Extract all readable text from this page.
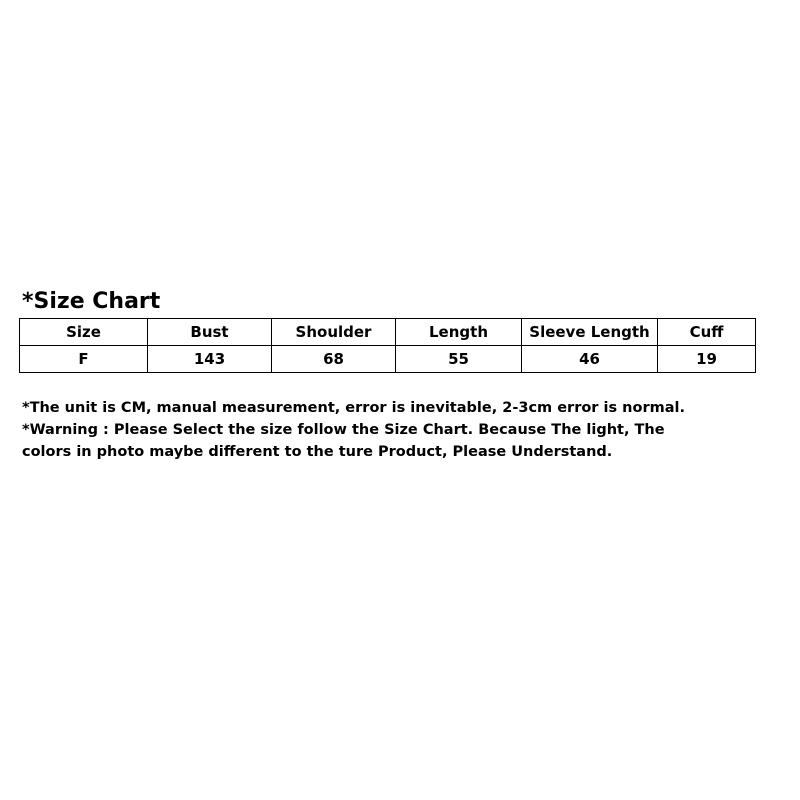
*Size Chart
Size	Bust	Shoulder	Length	Sleeve Length	Cuff
F	143	68	55	46	19
*The unit is CM, manual measurement, error is inevitable, 2-3cm error is normal.
*Warning : Please Select the size follow the Size Chart. Because The light, The
colors in photo maybe different to the ture Product, Please Understand.
